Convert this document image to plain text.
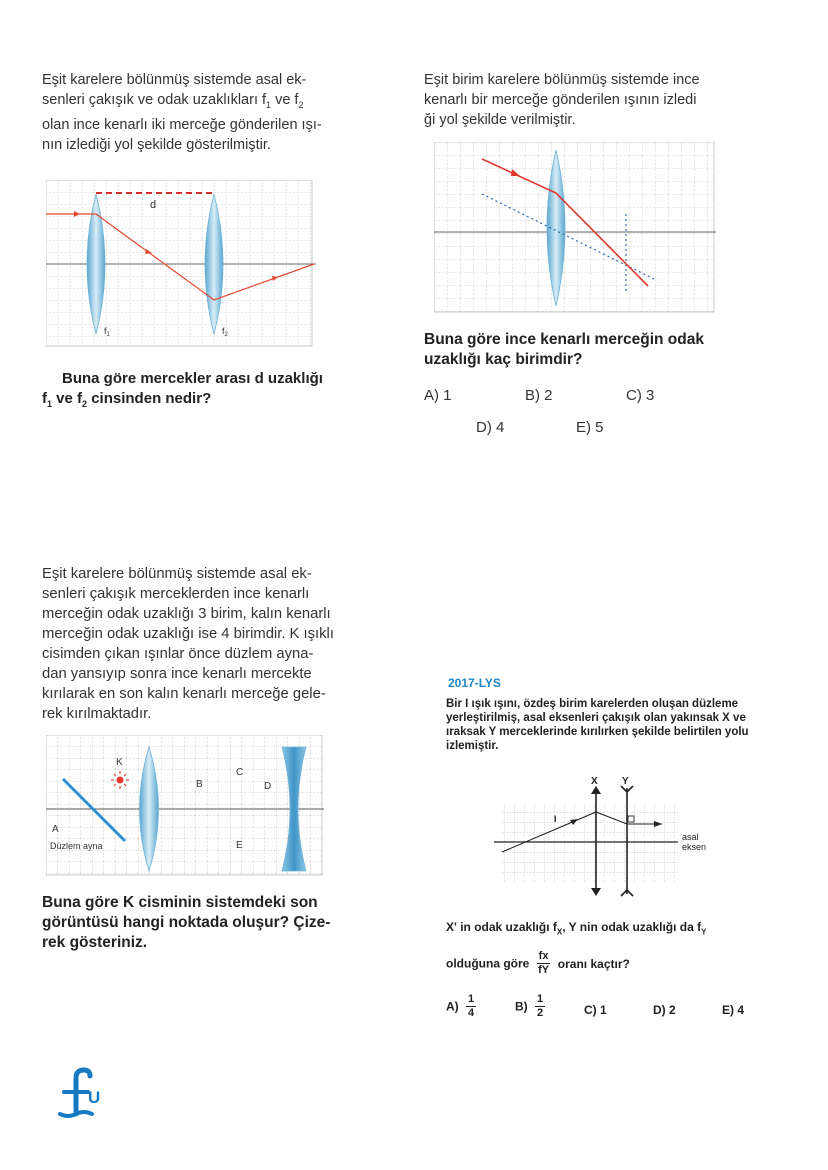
Eşit karelere bölünmüş sistemde asal ek-
senleri çakışık ve odak uzaklıkları $f_1$ ve $f_2$
olan ince kenarlı iki merceğe gönderilen ışı-
nın izlediği yol şekilde gösterilmiştir.
d
$f_1$	$f_2$
Buna göre mercekler arası d uzaklığı
$f_1$ ve $f_2$ cinsinden nedir?
Eşit birim karelere bölünmüş sistemde ince
kenarlı bir merceğe gönderilen ışının izledi
ği yol şekilde verilmiştir.
Buna göre ince kenarlı merceğin odak
uzaklığı kaç birimdir?
A) 1	B) 2	C) 3
D) 4	E) 5
Eşit karelere bölünmüş sistemde asal ek-
senleri çakışık merceklerden ince kenarlı
merceğin odak uzaklığı 3 birim, kalın kenarlı
merceğin odak uzaklığı ise 4 birimdir. K ışıklı
cisimden çıkan ışınlar önce düzlem ayna-
dan yansıyıp sonra ince kenarlı mercekte
kırılarak en son kalın kenarlı merceğe gele-
rek kırılmaktadır.
K
A
B
C
D
E
Düzlem ayna
Buna göre K cisminin sistemdeki son
görüntüsü hangi noktada oluşur? Çize-
rek gösteriniz.
2017-LYS
Bir I ışık ışını, özdeş birim karelerden oluşan düzleme
yerleştirilmiş, asal eksenleri çakışık olan yakınsak X ve
ıraksak Y merceklerinde kırılırken şekilde belirtilen yolu
izlemiştir.
asal
eksen
X Y
I
X' in odak uzaklığı $f_X$, Y nin odak uzaklığı da $f_Y$
olduğuna göre $\frac{fx}{fY}$ oranı kaçtır?
$A) \frac{1}{4}$	$B) \frac{1}{2}$	C) 1	D) 2	E) 4
U
